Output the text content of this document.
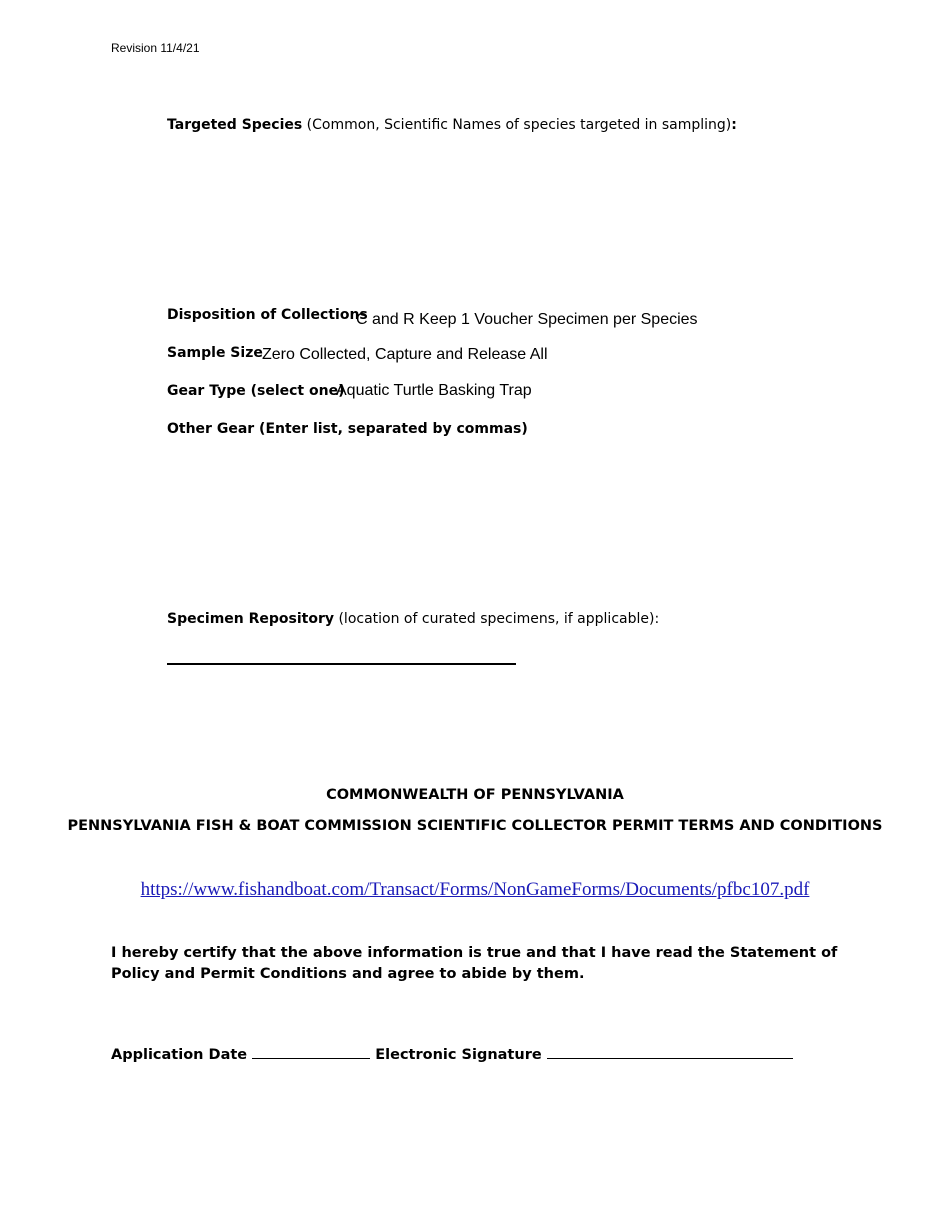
Revision 11/4/21
Targeted Species (Common, Scientific Names of species targeted in sampling):
Disposition of Collections
C and R Keep 1 Voucher Specimen per Species
Sample Size Zero Collected, Capture and Release All
Gear Type (select one)
Aquatic Turtle Basking Trap
Other Gear (Enter list, separated by commas)
Specimen Repository (location of curated specimens, if applicable):
COMMONWEALTH OF PENNSYLVANIA
PENNSYLVANIA FISH & BOAT COMMISSION SCIENTIFIC COLLECTOR PERMIT TERMS AND CONDITIONS
https://www.fishandboat.com/Transact/Forms/NonGameForms/Documents/pfbc107.pdf
I hereby certify that the above information is true and that I have read the Statement of Policy and Permit Conditions and agree to abide by them.
Application Date	Electronic Signature
